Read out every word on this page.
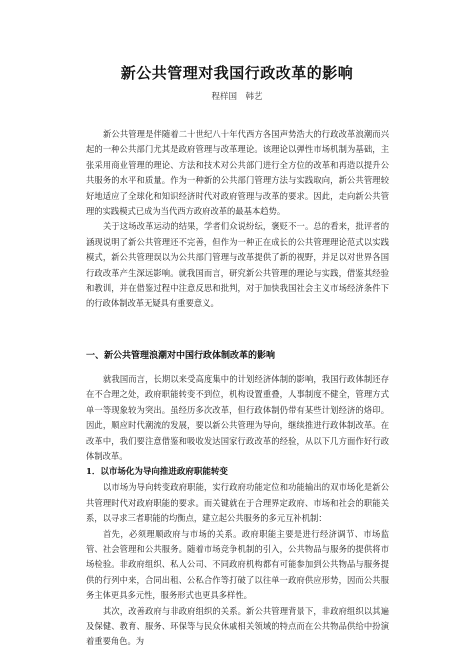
新公共管理对我国行政改革的影响
程样国　韩艺

新公共管理是伴随着二十世纪八十年代西方各国声势浩大的行政改革浪潮而兴起的一种公共部门尤其是政府管理与改革理论。该理论以弹性市场机制为基础，主张采用商业管理的理论、方法和技术对公共部门进行全方位的改革和再造以提升公共服务的水平和质量。作为一种新的公共部门管理方法与实践取向，新公共管理较好地适应了全球化和知识经济时代对政府管理与改革的要求。因此，走向新公共管理的实践模式已成为当代西方政府改革的最基本趋势。

关于这场改革运动的结果，学者们众说纷纭，褒贬不一。总的看来，批评者的涵现说明了新公共管理还不完善，但作为一种正在成长的公共管理理论范式以实践模式，新公共管理误以为公共部门管理与改革提供了新的视野，并足以对世界各国行政改革产生深远影响。就我国而言，研究新公共管理的理论与实践，借鉴其经验和教训，并在借鉴过程中注意反思和批判，对于加快我国社会主义市场经济条件下的行政体制改革无疑具有重要意义。

一、新公共管理浪潮对中国行政体制改革的影响

就我国而言，长期以来受高度集中的计划经济体制的影响，我国行政体制还存在不合理之处，政府职能转变不到位，机构设置重叠，人事制度不健全，管理方式单一等现象较为突出。虽经历多次改革，但行政体制仍带有某些计划经济的烙印。因此，顺应时代潮流的发展，要以新公共管理为导向，继续推进行政体制改革。在改革中，我们要注意借鉴和吸收发达国家行政改革的经验，从以下几方面作好行政体制改革。

1．以市场化为导向推进政府职能转变

以市场为导向转变政府职能，实行政府功能定位和功能输出的双市场化是新公共管理时代对政府职能的要求。而关键就在于合理界定政府、市场和社会的职能关系，以寻求三者职能的均衡点，建立起公共服务的多元互补机制：

首先，必须理顺政府与市场的关系。政府职能主要是进行经济调节、市场监管、社会管理和公共服务。随着市场竞争机制的引入，公共物品与服务的提供将市场检验。非政府组织、私人公司、不同政府机构都有可能参加到公共物品与服务提供的行列中来，合同出租、公私合作等打破了以往单一政府供应形势，因而公共服务主体更具多元性，服务形式也更具多样性。

其次，改善政府与非政府组织的关系。新公共管理背景下，非政府组织以其遍及保健、教育、服务、环保等与民众休戚相关领域的特点而在公共物品供给中扮演着重要角色。为
